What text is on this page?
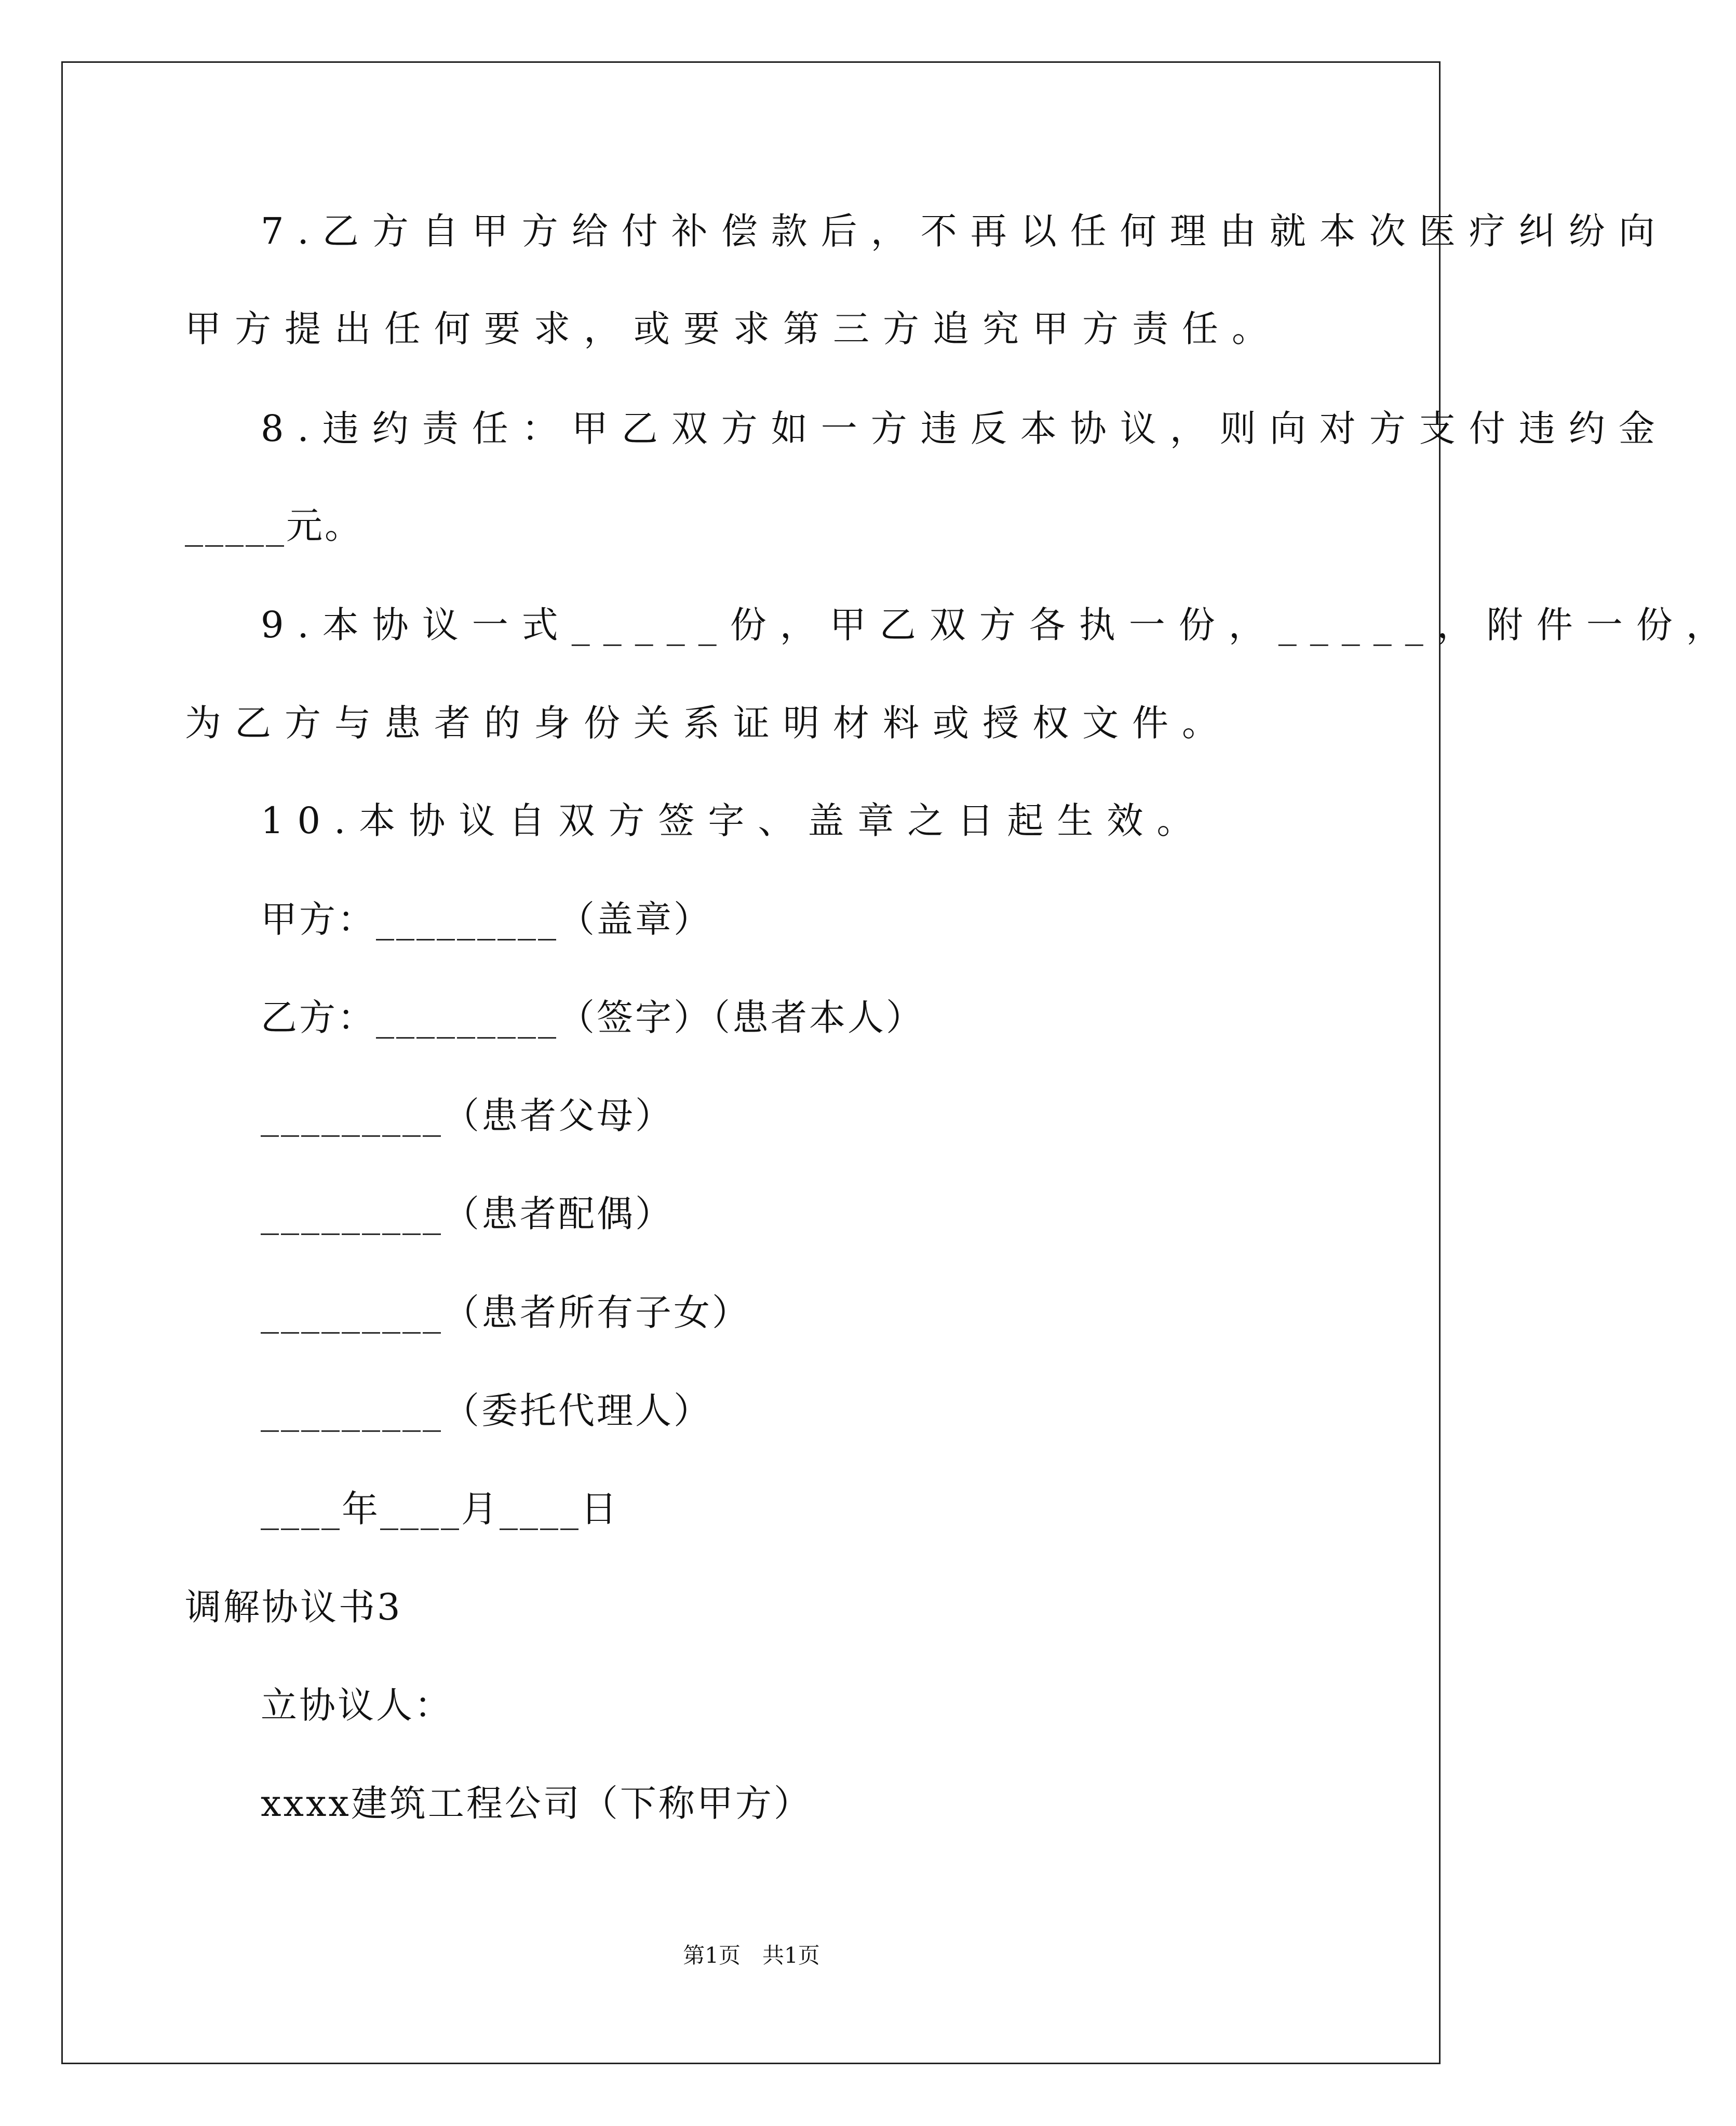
7.乙方自甲方给付补偿款后，不再以任何理由就本次医疗纠纷向
甲方提出任何要求，或要求第三方追究甲方责任。
8.违约责任：甲乙双方如一方违反本协议，则向对方支付违约金
_____元。
9.本协议一式_____份，甲乙双方各执一份，_____，附件一份，
为乙方与患者的身份关系证明材料或授权文件。
10.本协议自双方签字、盖章之日起生效。
甲方：_________（盖章）
乙方：_________（签字）（患者本人）
_________（患者父母）
_________（患者配偶）
_________（患者所有子女）
_________（委托代理人）
____年____月____日
调解协议书3
立协议人：
xxxx建筑工程公司（下称甲方）
第1页　共1页
